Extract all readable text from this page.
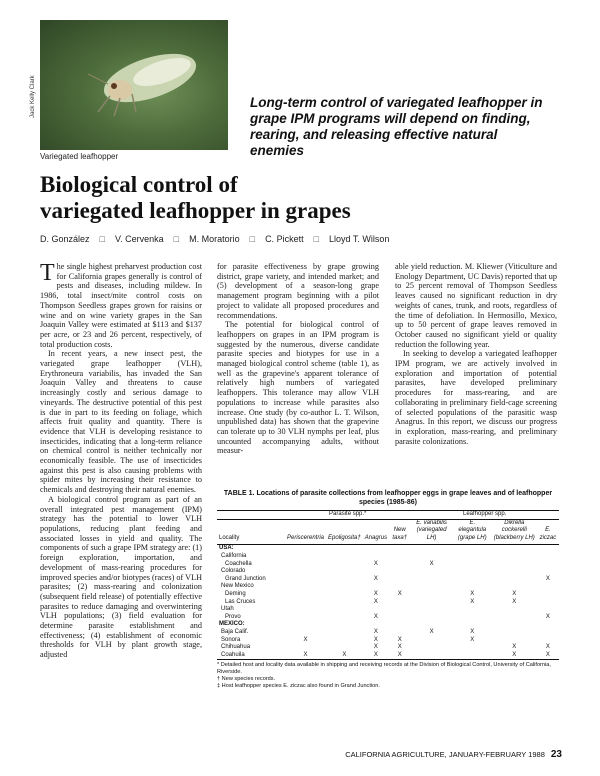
Jack Kelly Clark
Variegated leafhopper
Long-term control of variegated leafhopper in grape IPM programs will depend on finding, rearing, and releasing effective natural enemies
Biological control of
variegated leafhopper in grapes
D. González □ V. Cervenka □ M. Moratorio □ C. Pickett □ Lloyd T. Wilson

The single highest preharvest production cost for California grapes generally is control of pests and diseases, including mildew. In 1986, total insect/mite control costs on Thompson Seedless grapes grown for raisins or wine and on wine variety grapes in the San Joaquin Valley were estimated at $113 and $137 per acre, or 23 and 26 percent, respectively, of total production costs.

In recent years, a new insect pest, the variegated grape leafhopper (VLH), Erythroneura variabilis, has invaded the San Joaquin Valley and threatens to cause increasingly costly and serious damage to vineyards. The destructive potential of this pest is due in part to its feeding on foliage, which affects fruit quality and quantity. There is evidence that VLH is developing resistance to insecticides, indicating that a long-term reliance on chemical control is neither technically nor economically feasible. The use of insecticides against this pest is also causing problems with spider mites by increasing their resistance to chemicals and destroying their natural enemies.

A biological control program as part of an overall integrated pest management (IPM) strategy has the potential to lower VLH populations, reducing plant feeding and associated losses in yield and quality. The components of such a grape IPM strategy are: (1) foreign exploration, importation, and development of mass-rearing procedures for improved species and/or biotypes (races) of VLH parasites; (2) mass-rearing and colonization (subsequent field release) of potentially effective parasites to reduce damaging and overwintering VLH populations; (3) field evaluation for determine parasite establishment and effectiveness; (4) establishment of economic thresholds for VLH by plant growth stage, adjusted

for parasite effectiveness by grape growing district, grape variety, and intended market; and (5) development of a season-long grape management program beginning with a pilot project to validate all proposed procedures and recommendations.

The potential for biological control of leafhoppers on grapes in an IPM program is suggested by the numerous, diverse candidate parasite species and biotypes for use in a managed biological control scheme (table 1), as well as the grapevine's apparent tolerance of relatively high numbers of variegated leafhoppers. This tolerance may allow VLH populations to increase while parasites also increase. One study (by co-author L. T. Wilson, unpublished data) has shown that the grapevine can tolerate up to 30 VLH nymphs per leaf, plus uncounted accompanying adults, without measur-

able yield reduction. M. Kliewer (Viticulture and Enology Department, UC Davis) reported that up to 25 percent removal of Thompson Seedless leaves caused no significant reduction in dry weights of canes, trunk, and roots, regardless of the time of defoliation. In Hermosillo, Mexico, up to 50 percent of grape leaves removed in October caused no significant yield or quality reduction the following year.

In seeking to develop a variegated leafhopper IPM program, we are actively involved in exploration and importation of potential parasites, have developed preliminary procedures for mass-rearing, and are collaborating in preliminary field-cage screening of selected populations of the parasitic wasp Anagrus. In this report, we discuss our progress in exploration, mass-rearing, and preliminary parasite colonizations.

TABLE 1. Locations of parasite collections from leafhopper eggs in grape leaves and of leafhopper species (1985-86)
	Parasite spp.*				Leafhopper spp.			
Locality	Periscerentria	Epoligosita†	Anagrus	New taxa†	E. variabilis (variegated LH)	E. elegantula (grape LH)	Dikrella cockerelli (blackberry LH)	E. ziczac
USA:								
California								
Coachella			X		X			
Colorado								
Grand Junction			X					X
New Mexico								
Deming			X	X		X	X	
Las Cruces			X			X	X	
Utah								
Provo			X					X
MEXICO:								
Baja Calif.			X		X	X		
Sonora	X		X	X		X		
Chihuahua			X	X			X	X
Coahuila	X	X	X	X			X	X
* Detailed host and locality data available in shipping and receiving records at the Division of Biological Control, University of California, Riverside.
† New species records.
‡ Host leafhopper species E. ziczac also found in Grand Junction.
CALIFORNIA AGRICULTURE, JANUARY-FEBRUARY 1988 23
